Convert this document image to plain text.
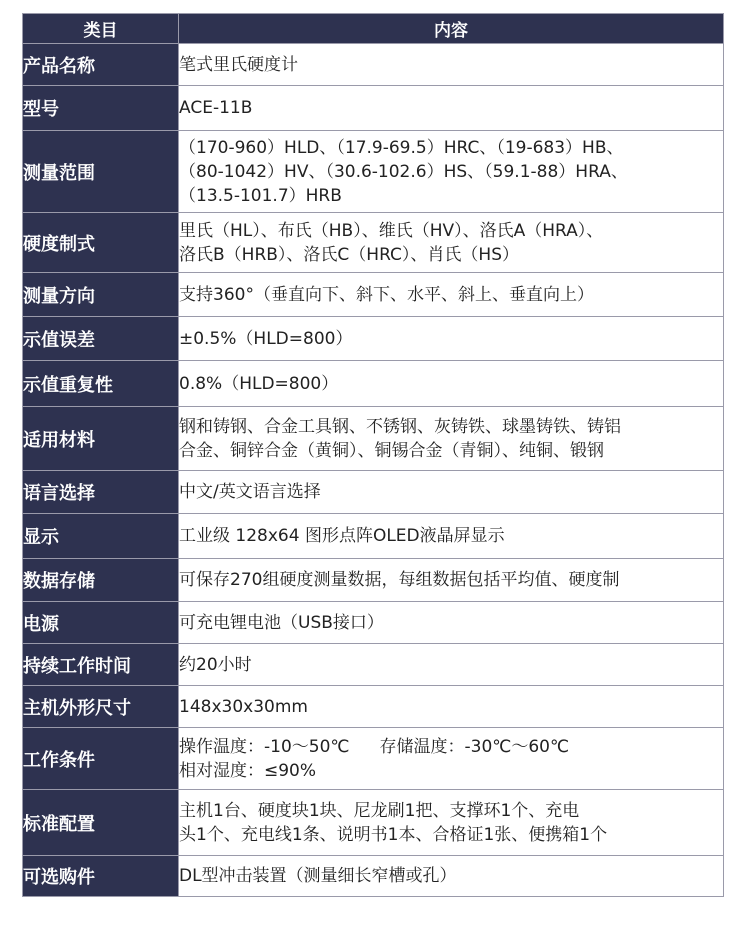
类目	内容
产品名称	笔式里氏硬度计

型号	ACE-11B

测量范围	（170-960）HLD、（17.9-69.5）HRC、（19-683）HB、
（80-1042）HV、（30.6-102.6）HS、（59.1-88）HRA、
（13.5-101.7）HRB

硬度制式	里氏（HL）、布氏（HB）、维氏（HV）、洛氏A（HRA）、
洛氏B（HRB）、洛氏C（HRC）、肖氏（HS）

测量方向	支持360°（垂直向下、斜下、水平、斜上、垂直向上）

示值误差	±0.5%（HLD=800）

示值重复性	0.8%（HLD=800）

适用材料	钢和铸钢、合金工具钢、不锈钢、灰铸铁、球墨铸铁、铸铝
合金、铜锌合金（黄铜）、铜锡合金（青铜）、纯铜、锻钢

语言选择	中文/英文语言选择

显示	工业级 128x64 图形点阵OLED液晶屏显示

数据存储	可保存270组硬度测量数据，每组数据包括平均值、硬度制

电源	可充电锂电池（USB接口）

持续工作时间	约20小时

主机外形尺寸	148x30x30mm

工作条件	操作温度：-10～50℃ 存储温度：-30℃～60℃
相对湿度：≤90%

标准配置	主机1台、硬度块1块、尼龙刷1把、支撑环1个、充电
头1个、充电线1条、说明书1本、合格证1张、便携箱1个

可选购件	DL型冲击装置（测量细长窄槽或孔）
